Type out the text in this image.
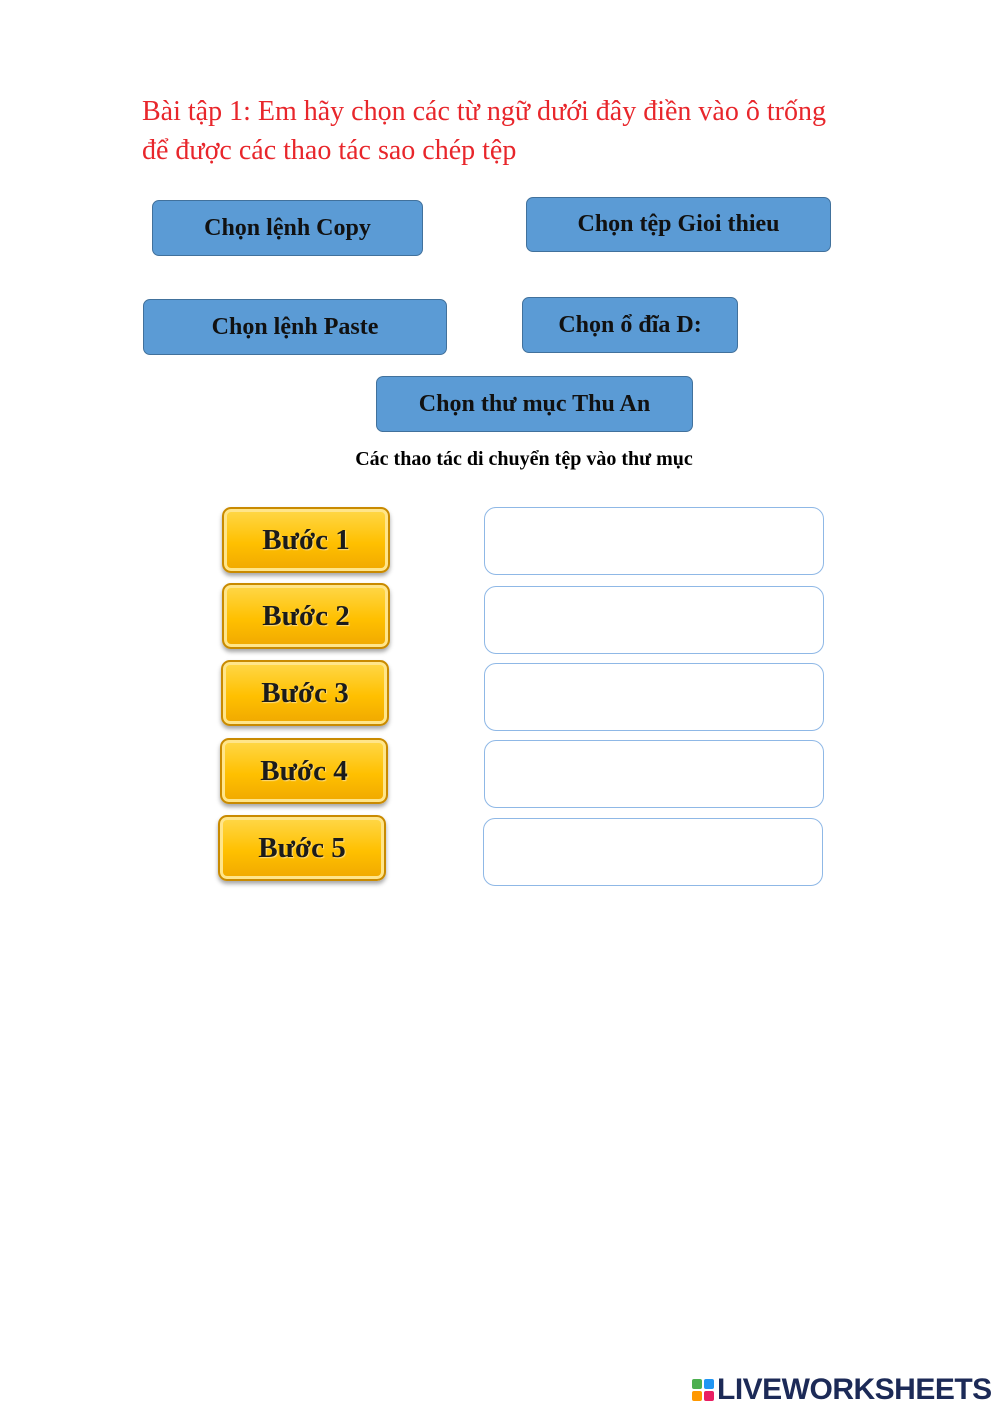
Bài tập 1: Em hãy chọn các từ ngữ dưới đây điền vào ô trống
để được các thao tác sao chép tệp
Chọn lệnh Copy	Chọn tệp Gioi thieu
Chọn lệnh Paste	Chọn ổ đĩa D:
Chọn thư mục Thu An
Các thao tác di chuyển tệp vào thư mục
Bước 1
Bước 2
Bước 3
Bước 4
Bước 5
LIVEWORKSHEETS
